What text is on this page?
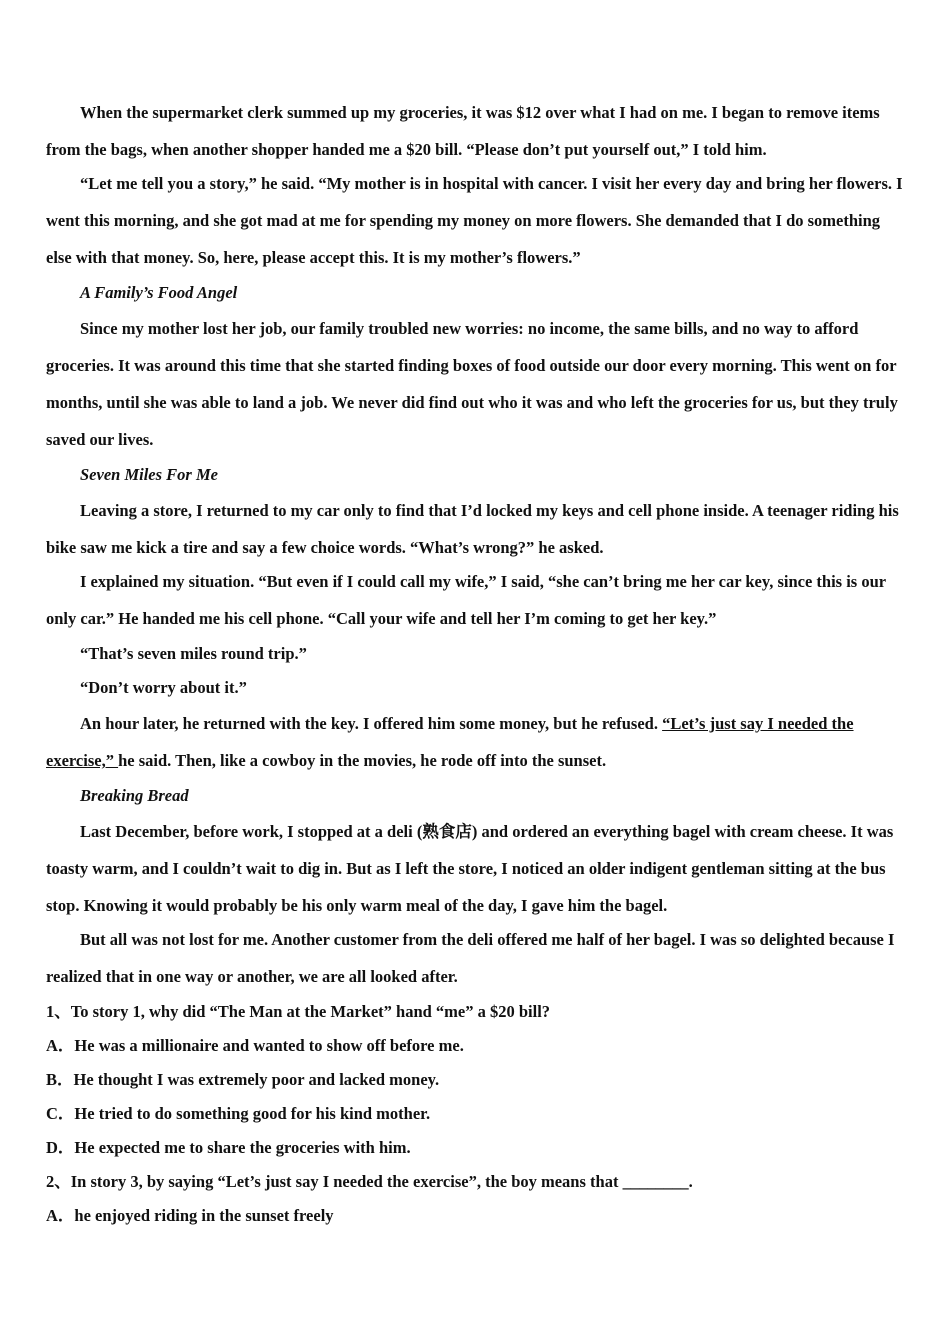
When the supermarket clerk summed up my groceries, it was $12 over what I had on me. I began to remove items from the bags, when another shopper handed me a $20 bill. “Please don’t put yourself out,” I told him.

“Let me tell you a story,” he said. “My mother is in hospital with cancer. I visit her every day and bring her flowers. I went this morning, and she got mad at me for spending my money on more flowers. She demanded that I do something else with that money. So, here, please accept this. It is my mother’s flowers.”

A Family’s Food Angel

Since my mother lost her job, our family troubled new worries: no income, the same bills, and no way to afford groceries. It was around this time that she started finding boxes of food outside our door every morning. This went on for months, until she was able to land a job. We never did find out who it was and who left the groceries for us, but they truly saved our lives.

Seven Miles For Me

Leaving a store, I returned to my car only to find that I’d locked my keys and cell phone inside. A teenager riding his bike saw me kick a tire and say a few choice words. “What’s wrong?” he asked.

I explained my situation. “But even if I could call my wife,” I said, “she can’t bring me her car key, since this is our only car.” He handed me his cell phone. “Call your wife and tell her I’m coming to get her key.”

“That’s seven miles round trip.”

“Don’t worry about it.”

An hour later, he returned with the key. I offered him some money, but he refused. “Let’s just say I needed the exercise,” he said. Then, like a cowboy in the movies, he rode off into the sunset.

Breaking Bread

Last December, before work, I stopped at a deli (熟食店) and ordered an everything bagel with cream cheese. It was toasty warm, and I couldn’t wait to dig in. But as I left the store, I noticed an older indigent gentleman sitting at the bus stop. Knowing it would probably be his only warm meal of the day, I gave him the bagel.

But all was not lost for me. Another customer from the deli offered me half of her bagel. I was so delighted because I realized that in one way or another, we are all looked after.

1、To story 1, why did “The Man at the Market” hand “me” a $20 bill?

A．He was a millionaire and wanted to show off before me.

B．He thought I was extremely poor and lacked money.

C．He tried to do something good for his kind mother.

D．He expected me to share the groceries with him.

2、In story 3, by saying “Let’s just say I needed the exercise”, the boy means that ________.

A．he enjoyed riding in the sunset freely
